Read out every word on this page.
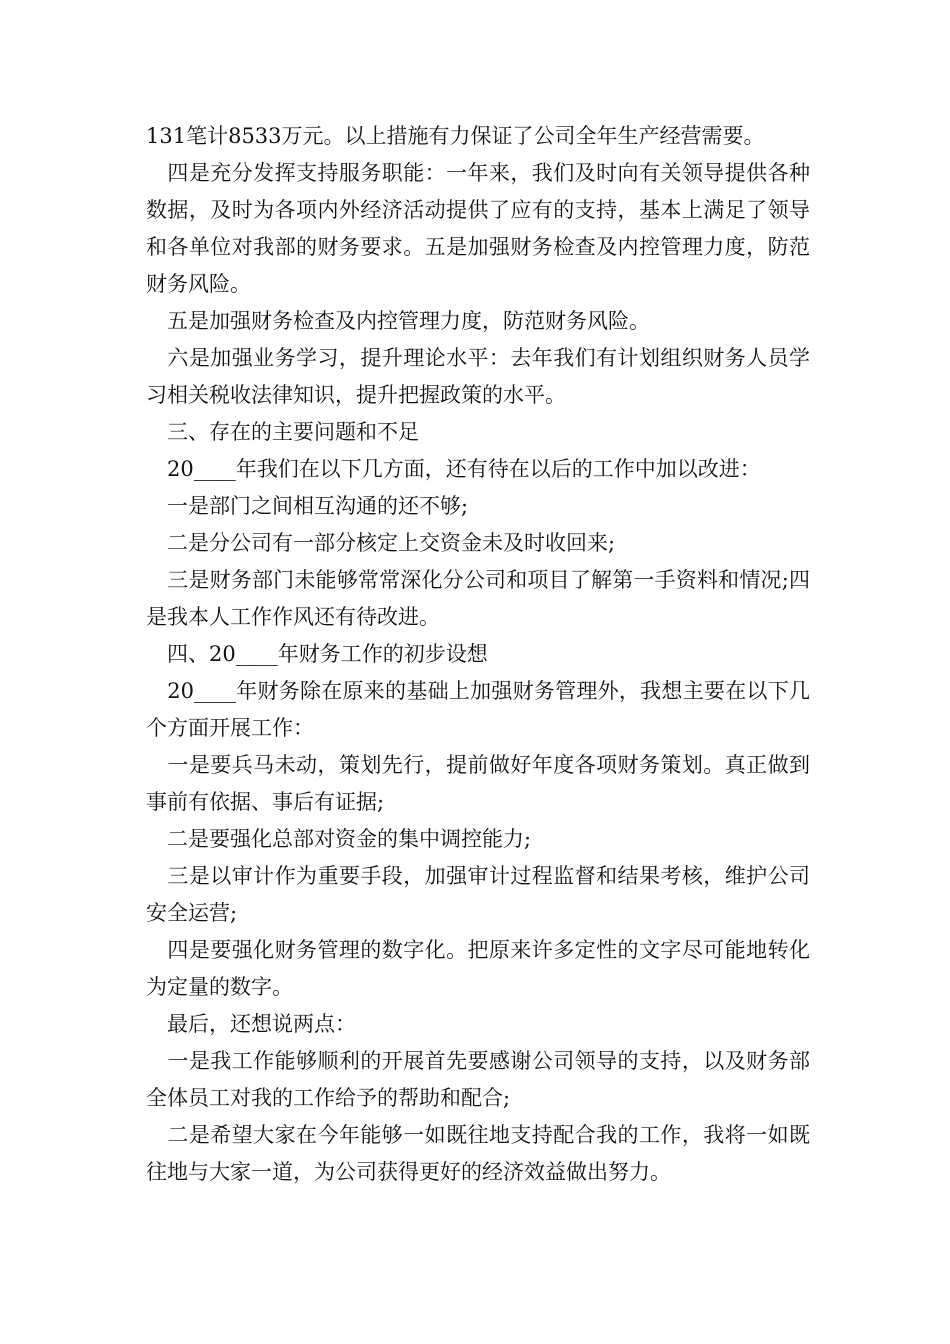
131笔计8533万元。以上措施有力保证了公司全年生产经营需要。

　四是充分发挥支持服务职能：一年来，我们及时向有关领导提供各种数据，及时为各项内外经济活动提供了应有的支持，基本上满足了领导和各单位对我部的财务要求。五是加强财务检查及内控管理力度，防范财务风险。

　五是加强财务检查及内控管理力度，防范财务风险。

　六是加强业务学习，提升理论水平：去年我们有计划组织财务人员学习相关税收法律知识，提升把握政策的水平。

　三、存在的主要问题和不足

　20____年我们在以下几方面，还有待在以后的工作中加以改进：

　一是部门之间相互沟通的还不够;

　二是分公司有一部分核定上交资金未及时收回来;

　三是财务部门未能够常常深化分公司和项目了解第一手资料和情况;四是我本人工作作风还有待改进。

　四、20____年财务工作的初步设想

　20____年财务除在原来的基础上加强财务管理外，我想主要在以下几个方面开展工作：

　一是要兵马未动，策划先行，提前做好年度各项财务策划。真正做到事前有依据、事后有证据;

　二是要强化总部对资金的集中调控能力;

　三是以审计作为重要手段，加强审计过程监督和结果考核，维护公司安全运营;

　四是要强化财务管理的数字化。把原来许多定性的文字尽可能地转化为定量的数字。

　最后，还想说两点：

　一是我工作能够顺利的开展首先要感谢公司领导的支持，以及财务部全体员工对我的工作给予的帮助和配合;

　二是希望大家在今年能够一如既往地支持配合我的工作，我将一如既往地与大家一道，为公司获得更好的经济效益做出努力。
